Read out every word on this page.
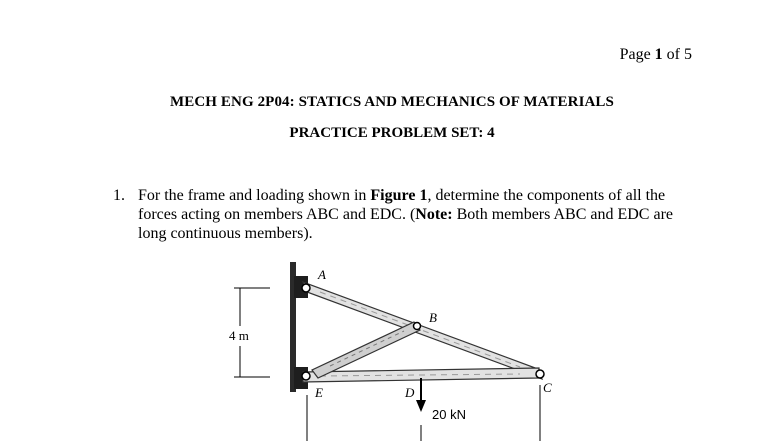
Page 1 of 5
MECH ENG 2P04: STATICS AND MECHANICS OF MATERIALS
PRACTICE PROBLEM SET: 4
1. For the frame and loading shown in Figure 1, determine the components of all the forces acting on members ABC and EDC. (Note: Both members ABC and EDC are long continuous members).
A
B
C
D
E
4 m
20 kN
